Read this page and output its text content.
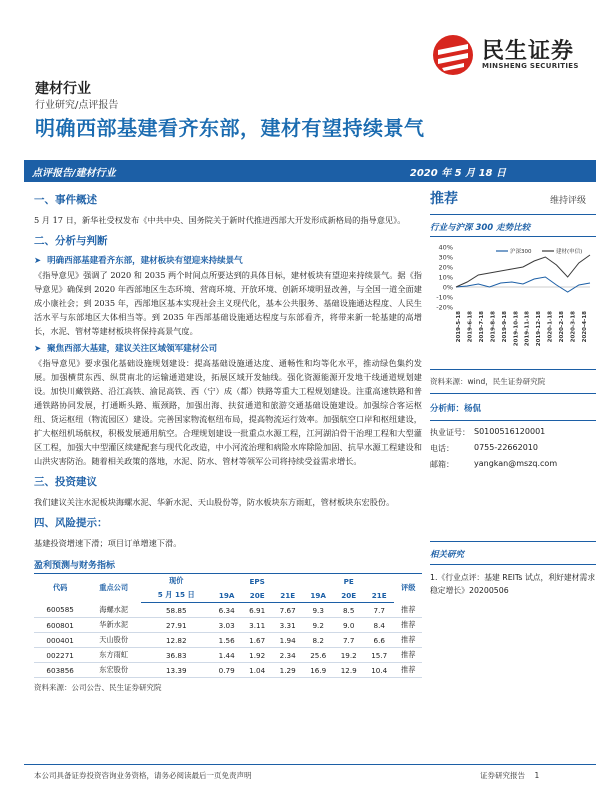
民生证券
MINSHENG SECURITIES
建材行业
行业研究/点评报告
明确西部基建看齐东部，建材有望持续景气
点评报告/建材行业	2020 年 5 月 18 日
一、事件概述

5 月 17 日，新华社受权发布《中共中央、国务院关于新时代推进西部大开发形成新格局的指导意见》。

二、分析与判断
➤ 明确西部基建看齐东部，建材板块有望迎来持续景气

《指导意见》强调了 2020 和 2035 两个时间点所要达到的具体目标，建材板块有望迎来持续景气。据《指导意见》确保到 2020 年西部地区生态环境、营商环境、开放环境、创新环境明显改善，与全国一道全面建成小康社会；到 2035 年，西部地区基本实现社会主义现代化，基本公共服务、基础设施通达程度、人民生活水平与东部地区大体相当等。到 2035 年西部基础设施通达程度与东部看齐，将带来新一轮基建的高增长，水泥、管材等建材板块将保持高景气度。

➤ 聚焦西部大基建，建议关注区域领军建材公司

《指导意见》要求强化基础设施规划建设：提高基础设施通达度、通畅性和均等化水平，推动绿色集约发展。加强横贯东西、纵贯南北的运输通道建设，拓展区域开发轴线。强化资源能源开发地干线通道规划建设。加快川藏铁路、沿江高铁、渝昆高铁、西（宁）成（都）铁路等重大工程规划建设。注重高速铁路和普通铁路协同发展，打通断头路、瓶颈路，加强出海、扶贫通道和旅游交通基础设施建设。加强综合客运枢纽、货运枢纽（物流园区）建设。完善国家物流枢纽布局，提高物流运行效率。加强航空口岸和枢纽建设，扩大枢纽机场航权，积极发展通用航空。合理规划建设一批重点水源工程，江河湖泊骨干治理工程和大型灌区工程，加强大中型灌区续建配套与现代化改造，中小河流治理和病险水库除险加固、抗旱水源工程建设和山洪灾害防治。随着相关政策的落地，水泥、防水、管材等领军公司将持续受益需求增长。

三、投资建议

我们建议关注水泥板块海螺水泥、华新水泥、天山股份等，防水板块东方雨虹，管材板块东宏股份。

四、风险提示：

基建投资增速下滑；项目订单增速下滑。

盈利预测与财务指标
代码	重点公司	现价	EPS			PE			评级
		5 月 15 日	19A	20E	21E	19A	20E	21E	
600585	海螺水泥	58.85	6.34	6.91	7.67	9.3	8.5	7.7	推荐
600801	华新水泥	27.91	3.03	3.11	3.31	9.2	9.0	8.4	推荐
000401	天山股份	12.82	1.56	1.67	1.94	8.2	7.7	6.6	推荐
002271	东方雨虹	36.83	1.44	1.92	2.34	25.6	19.2	15.7	推荐
603856	东宏股份	13.39	0.79	1.04	1.29	16.9	12.9	10.4	推荐
资料来源：公司公告、民生证券研究院
推荐	维持评级
行业与沪深 300 走势比较
40%
30%
20%
10%
0%
-10%
-20%
2019-5-18 2019-6-18 2019-7-18 2019-8-18 2019-9-18 2019-10-18 2019-11-18 2019-12-18 2020-1-18 2020-2-18 2020-3-18 2020-4-18
沪深300	建材(申信)
资料来源：wind，民生证券研究院
分析师：杨侃
执业证号： S0100516120001
电话：	0755-22662010
邮箱：	yangkan@mszq.com
相关研究
1.《行业点评：基建 REITs 试点，利好建材需求稳定增长》20200506
本公司具备证券投资咨询业务资格，请务必阅读最后一页免责声明	证券研究报告 1
